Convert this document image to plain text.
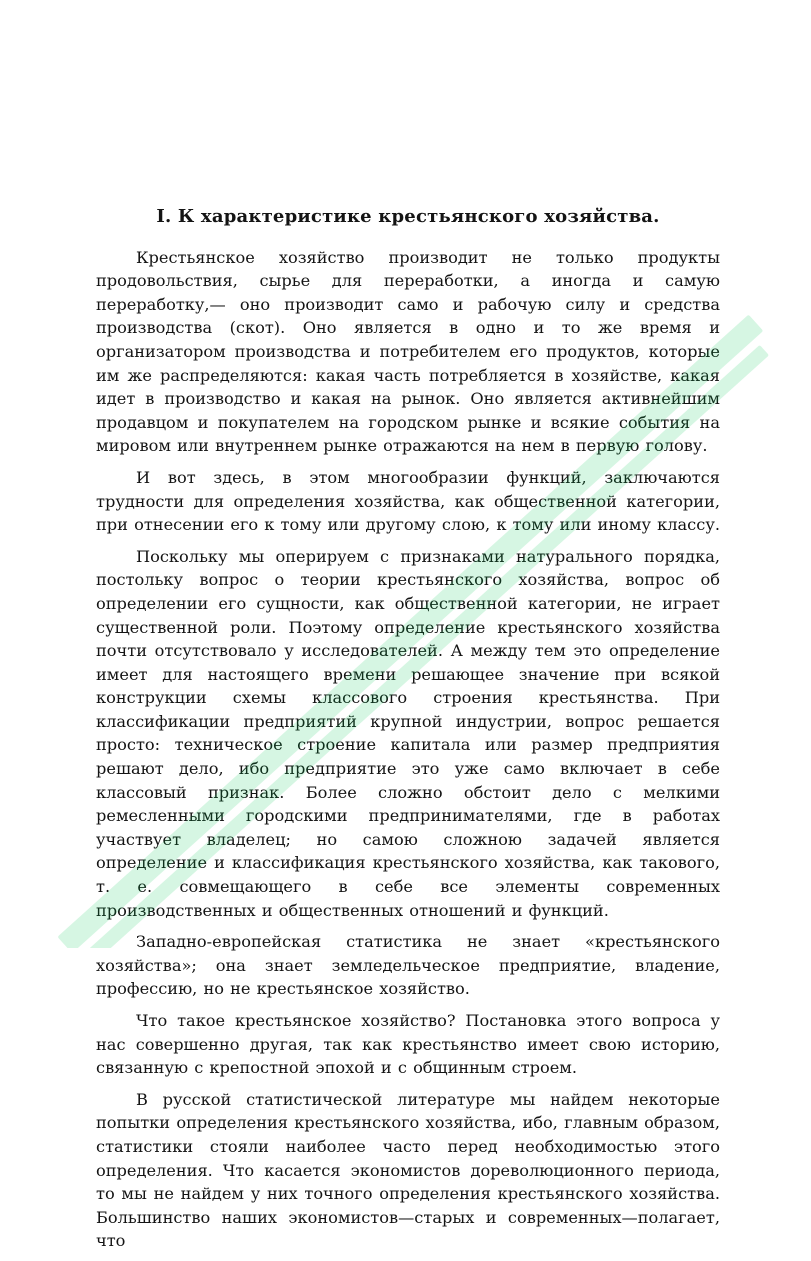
I. К характеристике крестьянского хозяйства.

Крестьянское хозяйство производит не только продукты продовольствия, сырье для переработки, а иногда и самую переработку,— оно производит само и рабочую силу и средства производства (скот). Оно является в одно и то же время и организатором производства и потребителем его продуктов, которые им же распределяются: какая часть потребляется в хозяйстве, какая идет в производство и какая на рынок. Оно является активнейшим продавцом и покупателем на городском рынке и всякие события на мировом или внутреннем рынке отражаются на нем в первую голову.

И вот здесь, в этом многообразии функций, заключаются трудности для определения хозяйства, как общественной категории, при отнесении его к тому или другому слою, к тому или иному классу.

Поскольку мы оперируем с признаками натурального порядка, постольку вопрос о теории крестьянского хозяйства, вопрос об определении его сущности, как общественной категории, не играет существенной роли. Поэтому определение крестьянского хозяйства почти отсутствовало у исследователей. А между тем это определение имеет для настоящего времени решающее значение при всякой конструкции схемы классового строения крестьянства. При классификации предприятий крупной индустрии, вопрос решается просто: техническое строение капитала или размер предприятия решают дело, ибо предприятие это уже само включает в себе классовый признак. Более сложно обстоит дело с мелкими ремесленными городскими предпринимателями, где в работах участвует владелец; но самою сложною задачей является определение и классификация крестьянского хозяйства, как такового, т. е. совмещающего в себе все элементы современных производственных и общественных отношений и функций.

Западно-европейская статистика не знает «крестьянского хозяйства»; она знает земледельческое предприятие, владение, профессию, но не крестьянское хозяйство.

Что такое крестьянское хозяйство? Постановка этого вопроса у нас совершенно другая, так как крестьянство имеет свою историю, связанную с крепостной эпохой и с общинным строем.

В русской статистической литературе мы найдем некоторые попытки определения крестьянского хозяйства, ибо, главным образом, статистики стояли наиболее часто перед необходимостью этого определения. Что касается экономистов дореволюционного периода, то мы не найдем у них точного определения крестьянского хозяйства. Большинство наших экономистов—старых и современных—полагает, что
